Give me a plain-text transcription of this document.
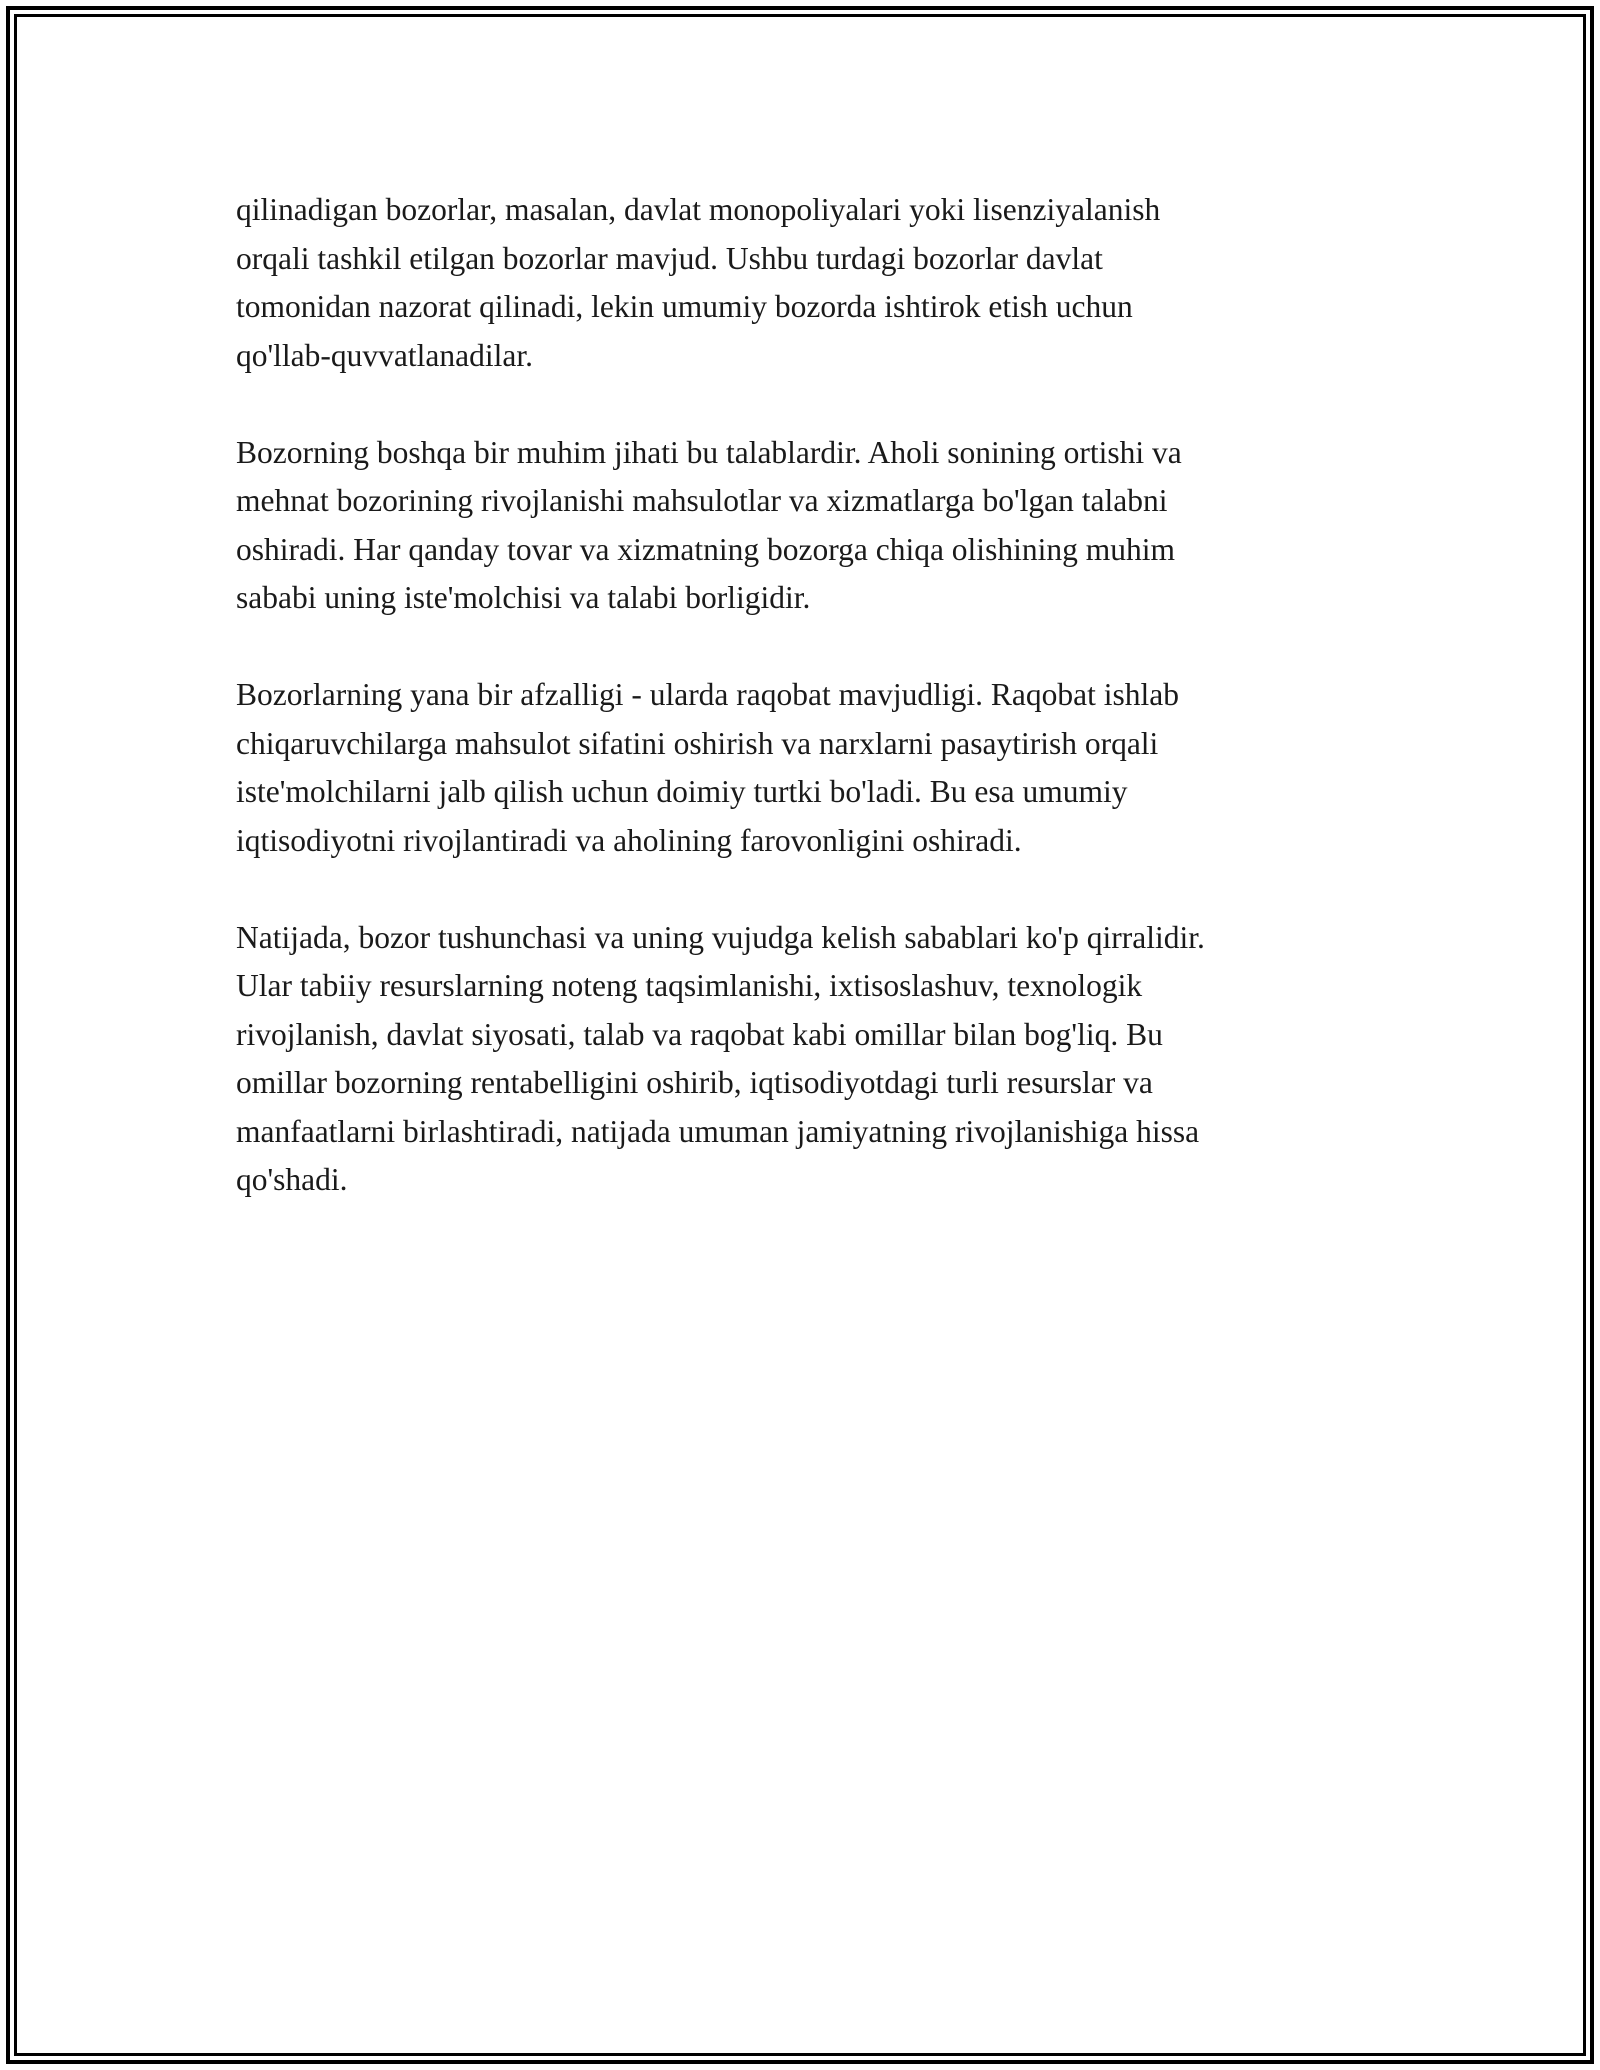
qilinadigan bozorlar, masalan, davlat monopoliyalari yoki lisenziyalanish
orqali tashkil etilgan bozorlar mavjud. Ushbu turdagi bozorlar davlat
tomonidan nazorat qilinadi, lekin umumiy bozorda ishtirok etish uchun
qo'llab-quvvatlanadilar.

Bozorning boshqa bir muhim jihati bu talablardir. Aholi sonining ortishi va
mehnat bozorining rivojlanishi mahsulotlar va xizmatlarga bo'lgan talabni
oshiradi. Har qanday tovar va xizmatning bozorga chiqa olishining muhim
sababi uning iste'molchisi va talabi borligidir.

Bozorlarning yana bir afzalligi - ularda raqobat mavjudligi. Raqobat ishlab
chiqaruvchilarga mahsulot sifatini oshirish va narxlarni pasaytirish orqali
iste'molchilarni jalb qilish uchun doimiy turtki bo'ladi. Bu esa umumiy
iqtisodiyotni rivojlantiradi va aholining farovonligini oshiradi.

Natijada, bozor tushunchasi va uning vujudga kelish sabablari ko'p qirralidir.
Ular tabiiy resurslarning noteng taqsimlanishi, ixtisoslashuv, texnologik
rivojlanish, davlat siyosati, talab va raqobat kabi omillar bilan bog'liq. Bu
omillar bozorning rentabelligini oshirib, iqtisodiyotdagi turli resurslar va
manfaatlarni birlashtiradi, natijada umuman jamiyatning rivojlanishiga hissa
qo'shadi.
